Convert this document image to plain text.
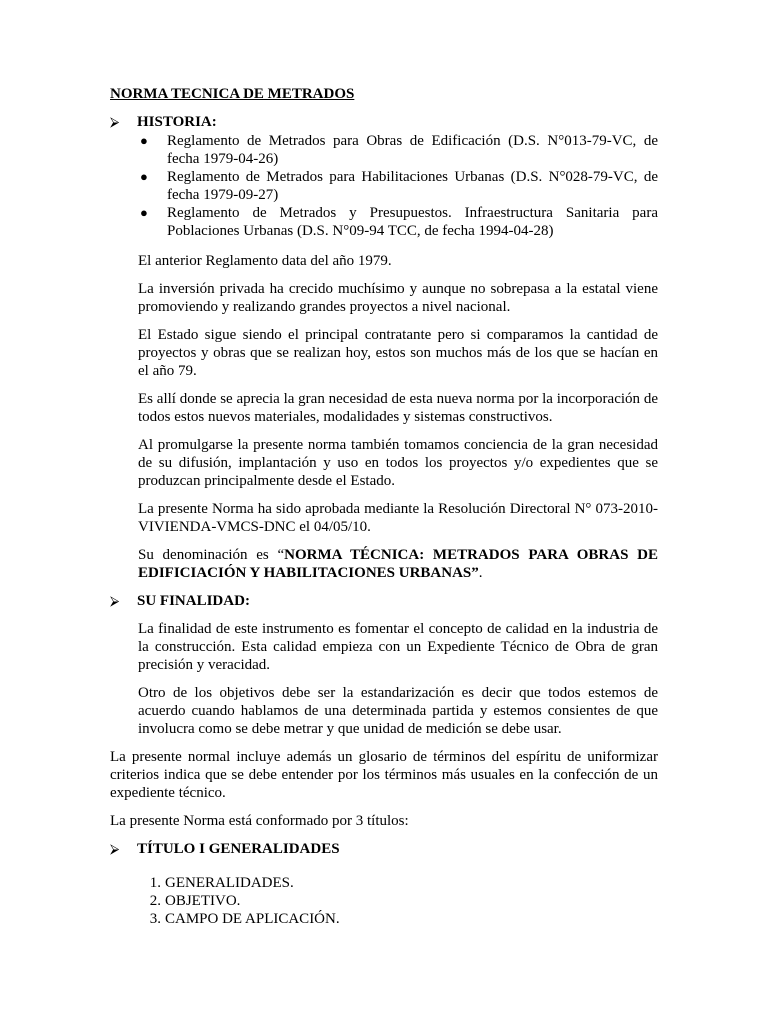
NORMA TECNICA DE METRADOS
⮚	HISTORIA:
●	Reglamento de Metrados para Obras de Edificación (D.S. N°013-79-VC, de fecha 1979-04-26)
●	Reglamento de Metrados para Habilitaciones Urbanas (D.S. N°028-79-VC, de fecha 1979-09-27)
●	Reglamento de Metrados y Presupuestos. Infraestructura Sanitaria para Poblaciones Urbanas (D.S. N°09-94 TCC, de fecha 1994-04-28)

El anterior Reglamento data del año 1979.

La inversión privada ha crecido muchísimo y aunque no sobrepasa a la estatal viene promoviendo y realizando grandes proyectos a nivel nacional.

El Estado sigue siendo el principal contratante pero si comparamos la cantidad de proyectos y obras que se realizan hoy, estos son muchos más de los que se hacían en el año 79.

Es allí donde se aprecia la gran necesidad de esta nueva norma por la incorporación de todos estos nuevos materiales, modalidades y sistemas constructivos.

Al promulgarse la presente norma también tomamos conciencia de la gran necesidad de su difusión, implantación y uso en todos los proyectos y/o expedientes que se produzcan principalmente desde el Estado.

La presente Norma ha sido aprobada mediante la Resolución Directoral N° 073-2010-VIVIENDA-VMCS-DNC el 04/05/10.

Su denominación es “NORMA TÉCNICA: METRADOS PARA OBRAS DE EDIFICIACIÓN Y HABILITACIONES URBANAS”.

⮚	SU FINALIDAD:

La finalidad de este instrumento es fomentar el concepto de calidad en la industria de la construcción. Esta calidad empieza con un Expediente Técnico de Obra de gran precisión y veracidad.

Otro de los objetivos debe ser la estandarización es decir que todos estemos de acuerdo cuando hablamos de una determinada partida y estemos consientes de que involucra como se debe metrar y que unidad de medición se debe usar.

La presente normal incluye además un glosario de términos del espíritu de uniformizar criterios indica que se debe entender por los términos más usuales en la confección de un expediente técnico.

La presente Norma está conformado por 3 títulos:

⮚	TÍTULO I GENERALIDADES
1. GENERALIDADES.
2. OBJETIVO.
3. CAMPO DE APLICACIÓN.
